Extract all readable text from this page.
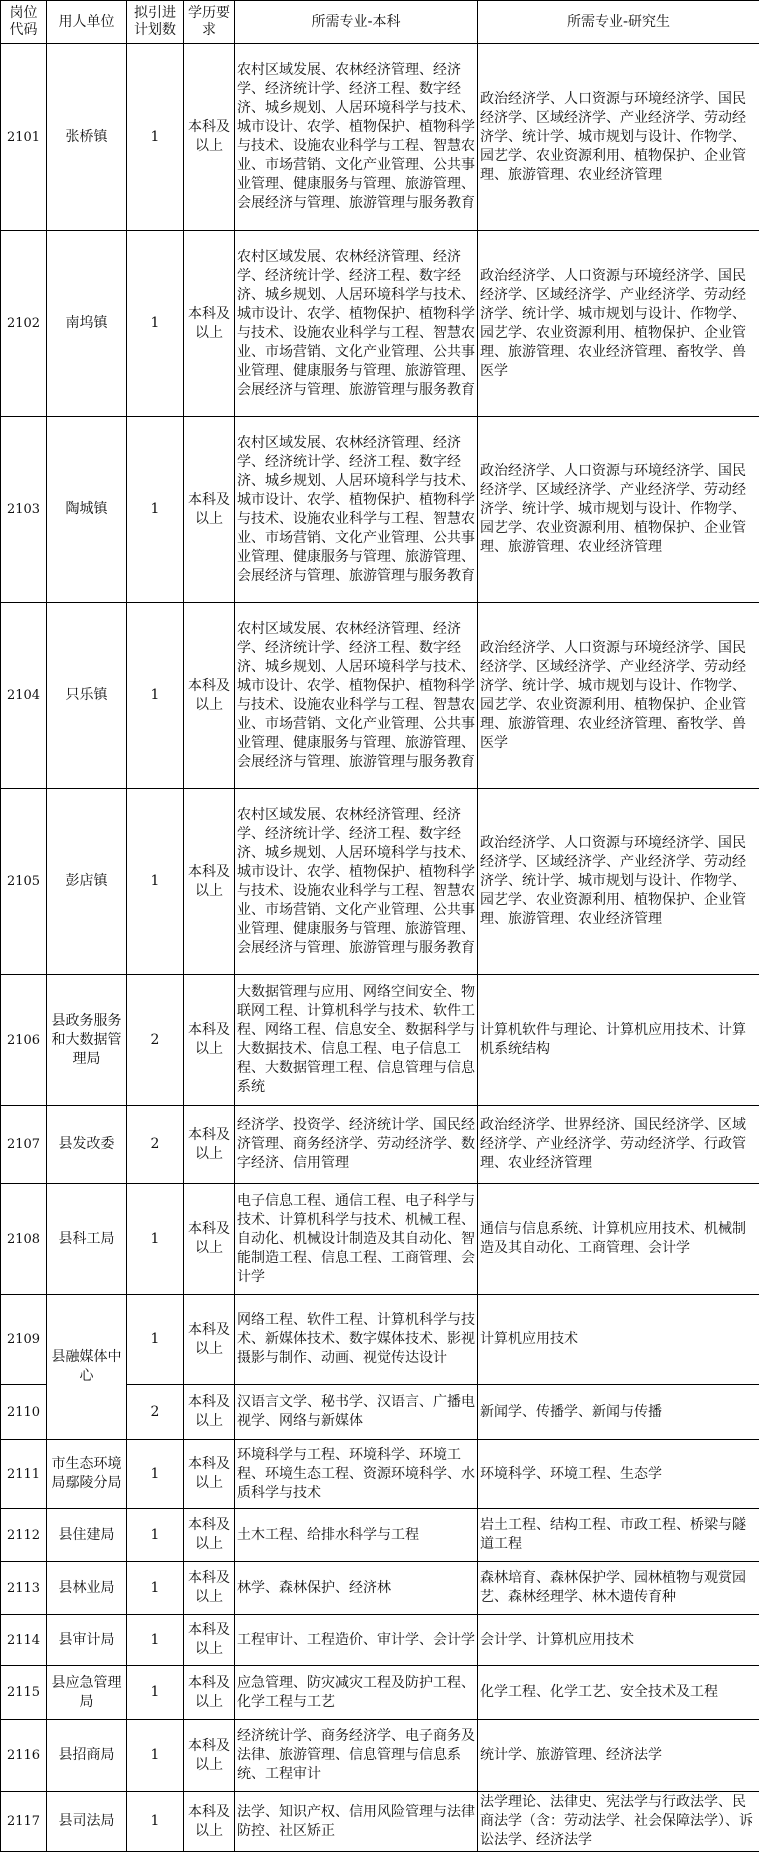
岗位代码	用人单位	拟引进计划数	学历要求	所需专业-本科	所需专业-研究生
2101	张桥镇	1	本科及以上	农村区域发展、农林经济管理、经济学、经济统计学、经济工程、数字经济、城乡规划、人居环境科学与技术、城市设计、农学、植物保护、植物科学与技术、设施农业科学与工程、智慧农业、市场营销、文化产业管理、公共事业管理、健康服务与管理、旅游管理、会展经济与管理、旅游管理与服务教育	政治经济学、人口资源与环境经济学、国民经济学、区域经济学、产业经济学、劳动经济学、统计学、城市规划与设计、作物学、园艺学、农业资源利用、植物保护、企业管理、旅游管理、农业经济管理
2102	南坞镇	1	本科及以上	农村区域发展、农林经济管理、经济学、经济统计学、经济工程、数字经济、城乡规划、人居环境科学与技术、城市设计、农学、植物保护、植物科学与技术、设施农业科学与工程、智慧农业、市场营销、文化产业管理、公共事业管理、健康服务与管理、旅游管理、会展经济与管理、旅游管理与服务教育	政治经济学、人口资源与环境经济学、国民经济学、区域经济学、产业经济学、劳动经济学、统计学、城市规划与设计、作物学、园艺学、农业资源利用、植物保护、企业管理、旅游管理、农业经济管理、畜牧学、兽医学
2103	陶城镇	1	本科及以上	农村区域发展、农林经济管理、经济学、经济统计学、经济工程、数字经济、城乡规划、人居环境科学与技术、城市设计、农学、植物保护、植物科学与技术、设施农业科学与工程、智慧农业、市场营销、文化产业管理、公共事业管理、健康服务与管理、旅游管理、会展经济与管理、旅游管理与服务教育	政治经济学、人口资源与环境经济学、国民经济学、区域经济学、产业经济学、劳动经济学、统计学、城市规划与设计、作物学、园艺学、农业资源利用、植物保护、企业管理、旅游管理、农业经济管理
2104	只乐镇	1	本科及以上	农村区域发展、农林经济管理、经济学、经济统计学、经济工程、数字经济、城乡规划、人居环境科学与技术、城市设计、农学、植物保护、植物科学与技术、设施农业科学与工程、智慧农业、市场营销、文化产业管理、公共事业管理、健康服务与管理、旅游管理、会展经济与管理、旅游管理与服务教育	政治经济学、人口资源与环境经济学、国民经济学、区域经济学、产业经济学、劳动经济学、统计学、城市规划与设计、作物学、园艺学、农业资源利用、植物保护、企业管理、旅游管理、农业经济管理、畜牧学、兽医学
2105	彭店镇	1	本科及以上	农村区域发展、农林经济管理、经济学、经济统计学、经济工程、数字经济、城乡规划、人居环境科学与技术、城市设计、农学、植物保护、植物科学与技术、设施农业科学与工程、智慧农业、市场营销、文化产业管理、公共事业管理、健康服务与管理、旅游管理、会展经济与管理、旅游管理与服务教育	政治经济学、人口资源与环境经济学、国民经济学、区域经济学、产业经济学、劳动经济学、统计学、城市规划与设计、作物学、园艺学、农业资源利用、植物保护、企业管理、旅游管理、农业经济管理
2106	县政务服务和大数据管理局	2	本科及以上	大数据管理与应用、网络空间安全、物联网工程、计算机科学与技术、软件工程、网络工程、信息安全、数据科学与大数据技术、信息工程、电子信息工程、大数据管理工程、信息管理与信息系统	计算机软件与理论、计算机应用技术、计算机系统结构
2107	县发改委	2	本科及以上	经济学、投资学、经济统计学、国民经济管理、商务经济学、劳动经济学、数字经济、信用管理	政治经济学、世界经济、国民经济学、区域经济学、产业经济学、劳动经济学、行政管理、农业经济管理
2108	县科工局	1	本科及以上	电子信息工程、通信工程、电子科学与技术、计算机科学与技术、机械工程、自动化、机械设计制造及其自动化、智能制造工程、信息工程、工商管理、会计学	通信与信息系统、计算机应用技术、机械制造及其自动化、工商管理、会计学
2109	县融媒体中心	1	本科及以上	网络工程、软件工程、计算机科学与技术、新媒体技术、数字媒体技术、影视摄影与制作、动画、视觉传达设计	计算机应用技术
2110		2	本科及以上	汉语言文学、秘书学、汉语言、广播电视学、网络与新媒体	新闻学、传播学、新闻与传播
2111	市生态环境局鄢陵分局	1	本科及以上	环境科学与工程、环境科学、环境工程、环境生态工程、资源环境科学、水质科学与技术	环境科学、环境工程、生态学
2112	县住建局	1	本科及以上	土木工程、给排水科学与工程	岩土工程、结构工程、市政工程、桥梁与隧道工程
2113	县林业局	1	本科及以上	林学、森林保护、经济林	森林培育、森林保护学、园林植物与观赏园艺、森林经理学、林木遗传育种
2114	县审计局	1	本科及以上	工程审计、工程造价、审计学、会计学	会计学、计算机应用技术
2115	县应急管理局	1	本科及以上	应急管理、防灾减灾工程及防护工程、化学工程与工艺	化学工程、化学工艺、安全技术及工程
2116	县招商局	1	本科及以上	经济统计学、商务经济学、电子商务及法律、旅游管理、信息管理与信息系统、工程审计	统计学、旅游管理、经济法学
2117	县司法局	1	本科及以上	法学、知识产权、信用风险管理与法律防控、社区矫正	法学理论、法律史、宪法学与行政法学、民商法学（含：劳动法学、社会保障法学）、诉讼法学、经济法学
